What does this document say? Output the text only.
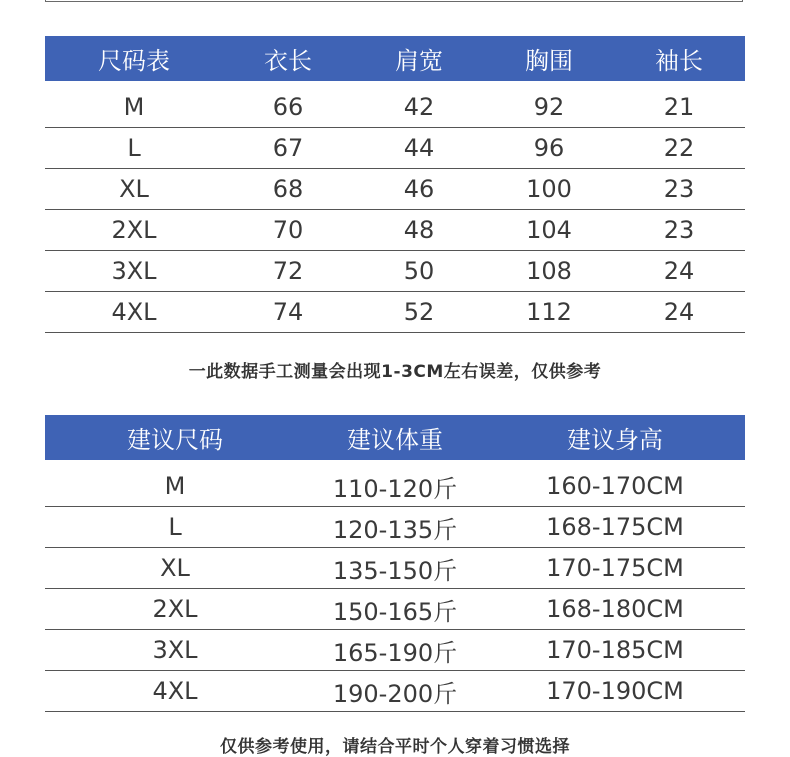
尺码表	衣长	肩宽	胸围	袖长

M	66	42	92	21
L	67	44	96	22
XL	68	46	100	23
2XL	70	48	104	23
3XL	72	50	108	24
4XL	74	52	112	24
一此数据手工测量会出现1-3CM左右误差，仅供参考
建议尺码	建议体重	建议身高

M	110-120斤	160-170CM
L	120-135斤	168-175CM
XL	135-150斤	170-175CM
2XL	150-165斤	168-180CM
3XL	165-190斤	170-185CM
4XL	190-200斤	170-190CM
仅供参考使用，请结合平时个人穿着习惯选择
